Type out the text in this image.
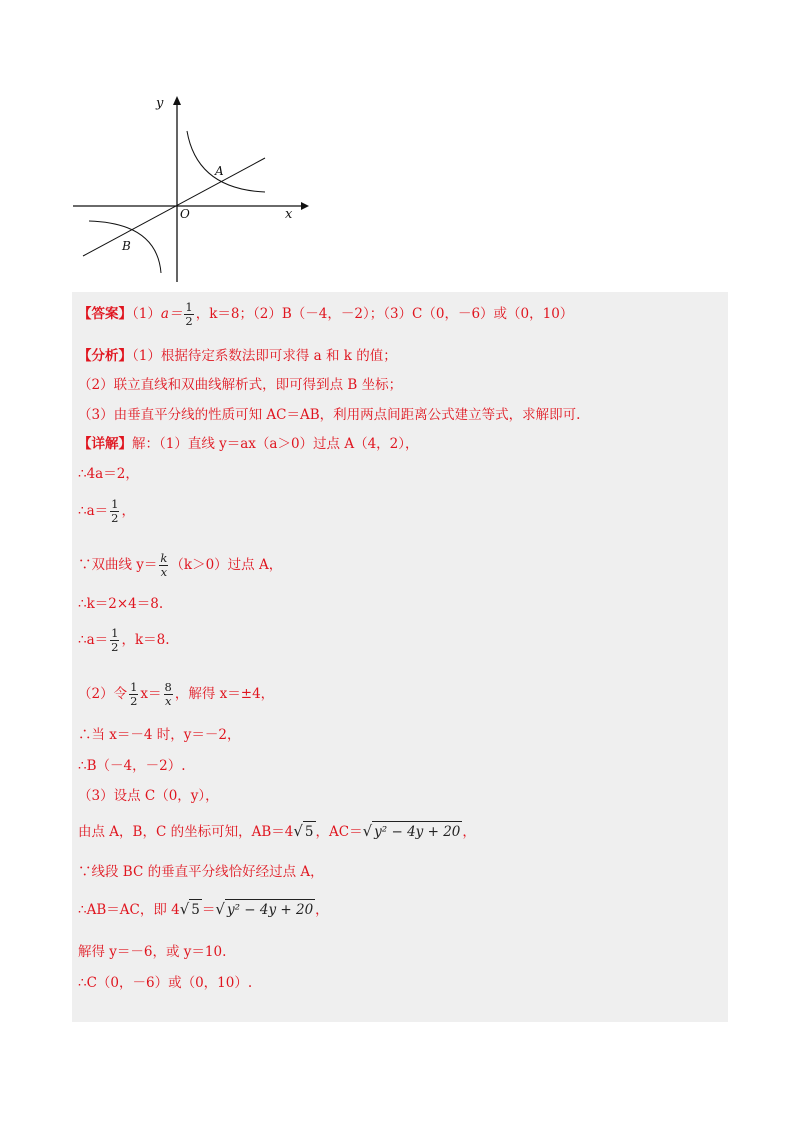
y
x
O
A
B
【答案】$(1)a= \frac{1}{2}$ ，k＝8；（2）B（－4，－2）；（3）C（0，－6）或（0，10）
【分析】（1）根据待定系数法即可求得 a 和 k 的值；
（2）联立直线和双曲线解析式，即可得到点 B 坐标；
（3）由垂直平分线的性质可知 AC＝AB，利用两点间距离公式建立等式，求解即可.
【详解】解：（1）直线 y＝ax（a＞0）过点 A（4，2），
∴4a＝2，
∴a＝ $\frac{1}{2}$ ，
∵双曲线 $y= \frac{k}{x} (k>0)$过点 A，
∴k＝2×4＝8.
∴a＝ $\frac{1}{2}$ ，k＝8.
（2）令 $\frac{1}{2} x= \frac{8}{x}$ ，解得 x＝±4，
∴当 x＝－4 时，y＝－2，
∴B（－4，－2）.
（3）设点 C（0，y），
由点 A，B，C 的坐标可知，AB＝4√ 5 ，AC＝√ y² − 4y + 20 ，
∵线段 BC 的垂直平分线恰好经过点 A，
∴AB＝AC，即 4√ 5 ＝√ y² − 4y + 20 ，
解得 y＝－6，或 y＝10.
∴C（0，－6）或（0，10）.
